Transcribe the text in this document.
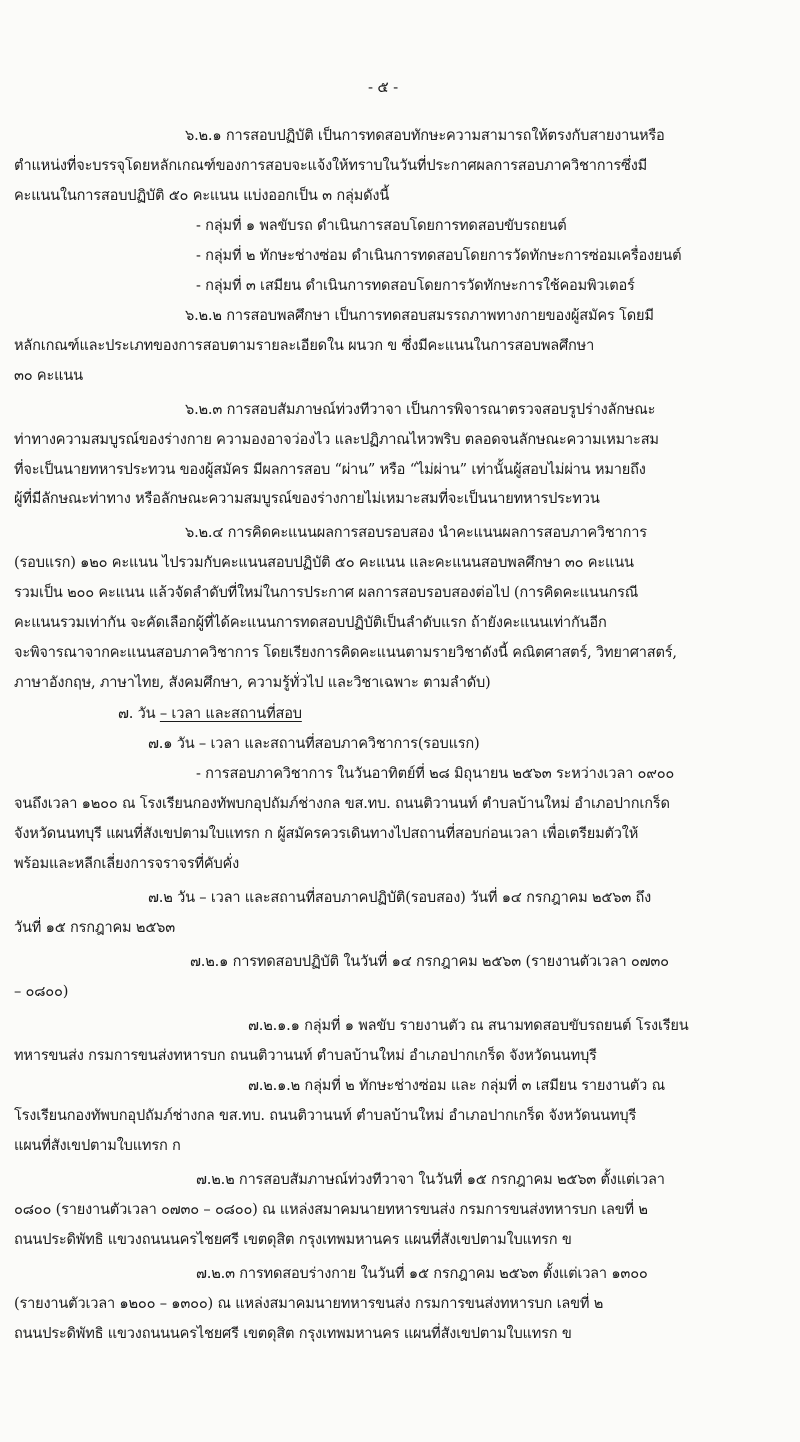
- ๕ -
๖.๒.๑ การสอบปฏิบัติ เป็นการทดสอบทักษะความสามารถให้ตรงกับสายงานหรือ
ตำแหน่งที่จะบรรจุโดยหลักเกณฑ์ของการสอบจะแจ้งให้ทราบในวันที่ประกาศผลการสอบภาควิชาการซึ่งมี
คะแนนในการสอบปฏิบัติ ๕๐ คะแนน แบ่งออกเป็น ๓ กลุ่มดังนี้
- กลุ่มที่ ๑ พลขับรถ ดำเนินการสอบโดยการทดสอบขับรถยนต์
- กลุ่มที่ ๒ ทักษะช่างซ่อม ดำเนินการทดสอบโดยการวัดทักษะการซ่อมเครื่องยนต์
- กลุ่มที่ ๓ เสมียน ดำเนินการทดสอบโดยการวัดทักษะการใช้คอมพิวเตอร์
๖.๒.๒ การสอบพลศึกษา เป็นการทดสอบสมรรถภาพทางกายของผู้สมัคร โดยมี
หลักเกณฑ์และประเภทของการสอบตามรายละเอียดใน ผนวก ข ซึ่งมีคะแนนในการสอบพลศึกษา
๓๐ คะแนน
๖.๒.๓ การสอบสัมภาษณ์ท่วงทีวาจา เป็นการพิจารณาตรวจสอบรูปร่างลักษณะ
ท่าทางความสมบูรณ์ของร่างกาย ความองอาจว่องไว และปฏิภาณไหวพริบ ตลอดจนลักษณะความเหมาะสม
ที่จะเป็นนายทหารประทวน ของผู้สมัคร มีผลการสอบ “ผ่าน” หรือ “ไม่ผ่าน” เท่านั้นผู้สอบไม่ผ่าน หมายถึง
ผู้ที่มีลักษณะท่าทาง หรือลักษณะความสมบูรณ์ของร่างกายไม่เหมาะสมที่จะเป็นนายทหารประทวน
๖.๒.๔ การคิดคะแนนผลการสอบรอบสอง นำคะแนนผลการสอบภาควิชาการ
(รอบแรก) ๑๒๐ คะแนน ไปรวมกับคะแนนสอบปฏิบัติ ๕๐ คะแนน และคะแนนสอบพลศึกษา ๓๐ คะแนน
รวมเป็น ๒๐๐ คะแนน แล้วจัดลำดับที่ใหม่ในการประกาศ ผลการสอบรอบสองต่อไป (การคิดคะแนนกรณี
คะแนนรวมเท่ากัน จะคัดเลือกผู้ที่ได้คะแนนการทดสอบปฏิบัติเป็นลำดับแรก ถ้ายังคะแนนเท่ากันอีก
จะพิจารณาจากคะแนนสอบภาควิชาการ โดยเรียงการคิดคะแนนตามรายวิชาดังนี้ คณิตศาสตร์, วิทยาศาสตร์,
ภาษาอังกฤษ, ภาษาไทย, สังคมศึกษา, ความรู้ทั่วไป และวิชาเฉพาะ ตามลำดับ)
๗. วัน – เวลา และสถานที่สอบ
๗.๑ วัน – เวลา และสถานที่สอบภาควิชาการ(รอบแรก)
- การสอบภาควิชาการ ในวันอาทิตย์ที่ ๒๘ มิถุนายน ๒๕๖๓ ระหว่างเวลา ๐๙๐๐
จนถึงเวลา ๑๒๐๐ ณ โรงเรียนกองทัพบกอุปถัมภ์ช่างกล ขส.ทบ. ถนนติวานนท์ ตำบลบ้านใหม่ อำเภอปากเกร็ด
จังหวัดนนทบุรี แผนที่สังเขปตามใบแทรก ก ผู้สมัครควรเดินทางไปสถานที่สอบก่อนเวลา เพื่อเตรียมตัวให้
พร้อมและหลีกเลี่ยงการจราจรที่คับคั่ง
๗.๒ วัน – เวลา และสถานที่สอบภาคปฏิบัติ(รอบสอง) วันที่ ๑๔ กรกฎาคม ๒๕๖๓ ถึง
วันที่ ๑๕ กรกฎาคม ๒๕๖๓
๗.๒.๑ การทดสอบปฏิบัติ ในวันที่ ๑๔ กรกฎาคม ๒๕๖๓ (รายงานตัวเวลา ๐๗๓๐
– ๐๘๐๐)
๗.๒.๑.๑ กลุ่มที่ ๑ พลขับ รายงานตัว ณ สนามทดสอบขับรถยนต์ โรงเรียน
ทหารขนส่ง กรมการขนส่งทหารบก ถนนติวานนท์ ตำบลบ้านใหม่ อำเภอปากเกร็ด จังหวัดนนทบุรี
๗.๒.๑.๒ กลุ่มที่ ๒ ทักษะช่างซ่อม และ กลุ่มที่ ๓ เสมียน รายงานตัว ณ
โรงเรียนกองทัพบกอุปถัมภ์ช่างกล ขส.ทบ. ถนนติวานนท์ ตำบลบ้านใหม่ อำเภอปากเกร็ด จังหวัดนนทบุรี
แผนที่สังเขปตามใบแทรก ก
๗.๒.๒ การสอบสัมภาษณ์ท่วงทีวาจา ในวันที่ ๑๕ กรกฎาคม ๒๕๖๓ ตั้งแต่เวลา
๐๘๐๐ (รายงานตัวเวลา ๐๗๓๐ – ๐๘๐๐) ณ แหล่งสมาคมนายทหารขนส่ง กรมการขนส่งทหารบก เลขที่ ๒
ถนนประดิพัทธิ แขวงถนนนครไชยศรี เขตดุสิต กรุงเทพมหานคร แผนที่สังเขปตามใบแทรก ข
๗.๒.๓ การทดสอบร่างกาย ในวันที่ ๑๕ กรกฎาคม ๒๕๖๓ ตั้งแต่เวลา ๑๓๐๐
(รายงานตัวเวลา ๑๒๐๐ – ๑๓๐๐) ณ แหล่งสมาคมนายทหารขนส่ง กรมการขนส่งทหารบก เลขที่ ๒
ถนนประดิพัทธิ แขวงถนนนครไชยศรี เขตดุสิต กรุงเทพมหานคร แผนที่สังเขปตามใบแทรก ข
